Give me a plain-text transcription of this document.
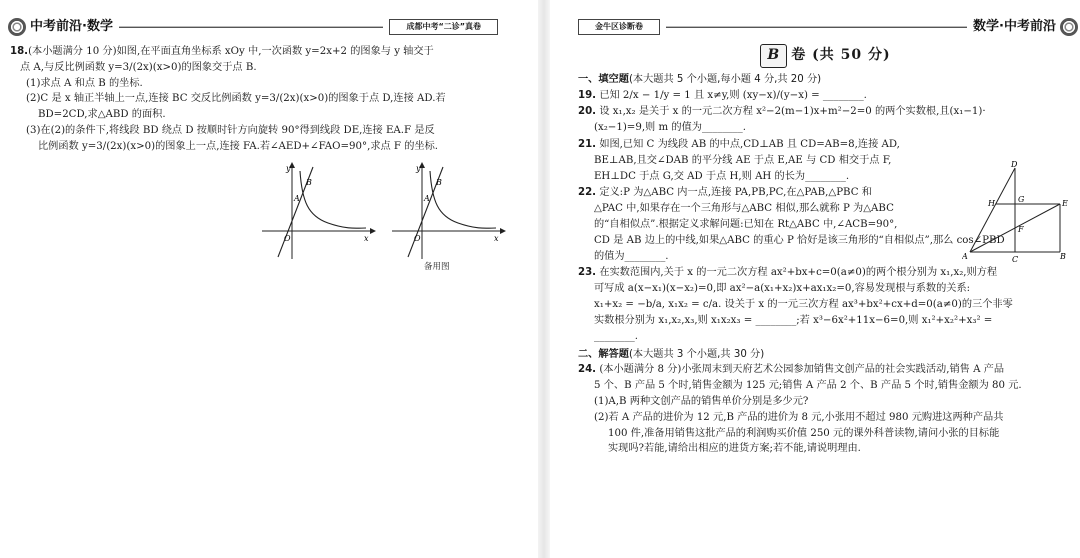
中考前沿·数学	成都中考“二诊”真卷
18.(本小题满分 10 分)如图,在平面直角坐标系 xOy 中,一次函数 y=2x+2 的图象与 y 轴交于
点 A,与反比例函数 y=3/(2x)(x>0)的图象交于点 B.
(1)求点 A 和点 B 的坐标.
(2)C 是 x 轴正半轴上一点,连接 BC 交反比例函数 y=3/(2x)(x>0)的图象于点 D,连接 AD.若
BD=2CD,求△ABD 的面积.
(3)在(2)的条件下,将线段 BD 绕点 D 按顺时针方向旋转 90°得到线段 DE,连接 EA.F 是反
比例函数 y=3/(2x)(x>0)的图象上一点,连接 FA.若∠AED+∠FAO=90°,求点 F 的坐标.
y
x
O
A
B
y
x
O
A
B
备用图
金牛区诊断卷	数学·中考前沿
B 卷 (共 50 分)
一、填空题(本大题共 5 个小题,每小题 4 分,共 20 分)
19. 已知 2/x − 1/y = 1 且 x≠y,则 (xy−x)/(y−x) = ________.
20. 设 x₁,x₂ 是关于 x 的一元二次方程 x²−2(m−1)x+m²−2=0 的两个实数根,且(x₁−1)·
(x₂−1)=9,则 m 的值为________.
21. 如图,已知 C 为线段 AB 的中点,CD⊥AB 且 CD=AB=8,连接 AD,
BE⊥AB,且交∠DAB 的平分线 AE 于点 E,AE 与 CD 相交于点 F,
EH⊥DC 于点 G,交 AD 于点 H,则 AH 的长为________.
22. 定义:P 为△ABC 内一点,连接 PA,PB,PC,在△PAB,△PBC 和
△PAC 中,如果存在一个三角形与△ABC 相似,那么就称 P 为△ABC
的“自相似点”.根据定义求解问题:已知在 Rt△ABC 中,∠ACB=90°,
CD 是 AB 边上的中线,如果△ABC 的重心 P 恰好是该三角形的“自相似点”,那么 cos∠PBD
的值为________.
23. 在实数范围内,关于 x 的一元二次方程 ax²+bx+c=0(a≠0)的两个根分别为 x₁,x₂,则方程
可写成 a(x−x₁)(x−x₂)=0,即 ax²−a(x₁+x₂)x+ax₁x₂=0,容易发现根与系数的关系:
x₁+x₂ = −b/a, x₁x₂ = c/a. 设关于 x 的一元三次方程 ax³+bx²+cx+d=0(a≠0)的三个非零
实数根分别为 x₁,x₂,x₃,则 x₁x₂x₃ = ________;若 x³−6x²+11x−6=0,则 x₁²+x₂²+x₃² =
________.
二、解答题(本大题共 3 个小题,共 30 分)
24. (本小题满分 8 分)小张周末到天府艺术公园参加销售文创产品的社会实践活动,销售 A 产品
5 个、B 产品 5 个时,销售金额为 125 元;销售 A 产品 2 个、B 产品 5 个时,销售金额为 80 元.
(1)A,B 两种文创产品的销售单价分别是多少元?
(2)若 A 产品的进价为 12 元,B 产品的进价为 8 元,小张用不超过 980 元购进这两种产品共
100 件,准备用销售这批产品的利润购买价值 250 元的课外科普读物,请问小张的目标能
实现吗?若能,请给出相应的进货方案;若不能,请说明理由.
D
H	G	E
F
A	C	B
